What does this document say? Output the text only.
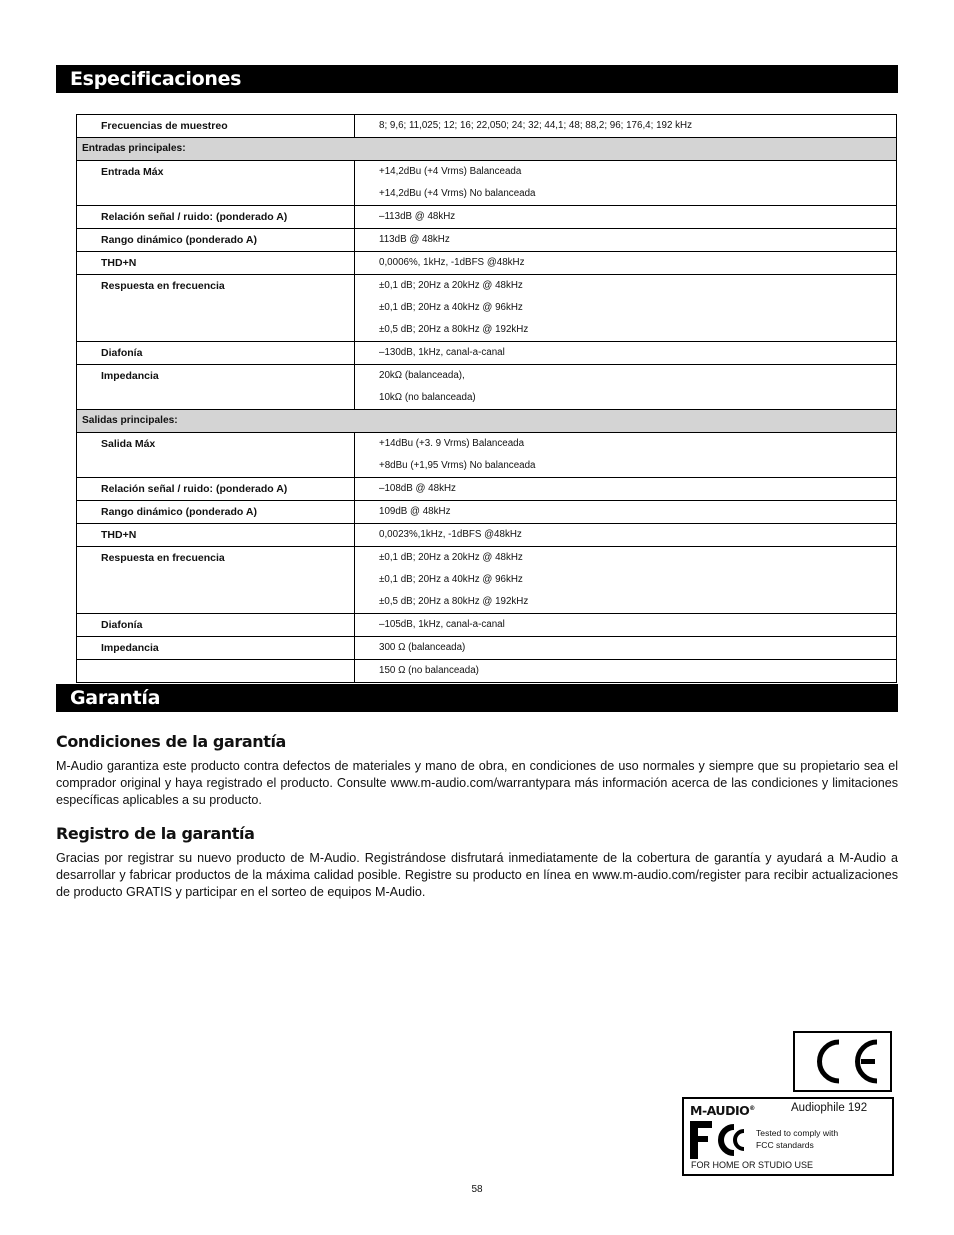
Especificaciones
Frecuencias de muestreo	8; 9,6; 11,025; 12; 16; 22,050; 24; 32; 44,1; 48; 88,2; 96; 176,4; 192 kHz

Entradas principales:	

Entrada Máx	+14,2dBu (+4 Vrms) Balanceada
+14,2dBu (+4 Vrms) No balanceada

Relación señal / ruido: (ponderado A)	–113dB @ 48kHz

Rango dinámico (ponderado A)	113dB @ 48kHz

THD+N	0,0006%, 1kHz, -1dBFS @48kHz

Respuesta en frecuencia	±0,1 dB; 20Hz a 20kHz @ 48kHz
±0,1 dB; 20Hz a 40kHz @ 96kHz
±0,5 dB; 20Hz a 80kHz @ 192kHz

Diafonía	–130dB, 1kHz, canal-a-canal

Impedancia	20kΩ (balanceada),
10kΩ (no balanceada)

Salidas principales:	

Salida Máx	+14dBu (+3. 9 Vrms) Balanceada
+8dBu (+1,95 Vrms) No balanceada

Relación señal / ruido: (ponderado A)	–108dB @ 48kHz

Rango dinámico (ponderado A)	109dB @ 48kHz

THD+N	0,0023%,1kHz, -1dBFS @48kHz

Respuesta en frecuencia	±0,1 dB; 20Hz a 20kHz @ 48kHz
±0,1 dB; 20Hz a 40kHz @ 96kHz
±0,5 dB; 20Hz a 80kHz @ 192kHz

Diafonía	–105dB, 1kHz, canal-a-canal

Impedancia	300 Ω (balanceada)

	150 Ω (no balanceada)
Garantía
Condiciones de la garantía

M-Audio garantiza este producto contra defectos de materiales y mano de obra, en condiciones de uso normales y siempre que su propietario sea el comprador original y haya registrado el producto. Consulte www.m-audio.com/warrantypara más información acerca de las condiciones y limitaciones específicas aplicables a su producto.

Registro de la garantía

Gracias por registrar su nuevo producto de M-Audio. Registrándose disfrutará inmediatamente de la cobertura de garantía y ayudará a M-Audio a desarrollar y fabricar productos de la máxima calidad posible. Registre su producto en línea en www.m-audio.com/register para recibir actualizaciones de producto GRATIS y participar en el sorteo de equipos M-Audio.

M-AUDIO®	Audiophile 192
Tested to comply with
FCC standards
FOR HOME OR STUDIO USE
58
